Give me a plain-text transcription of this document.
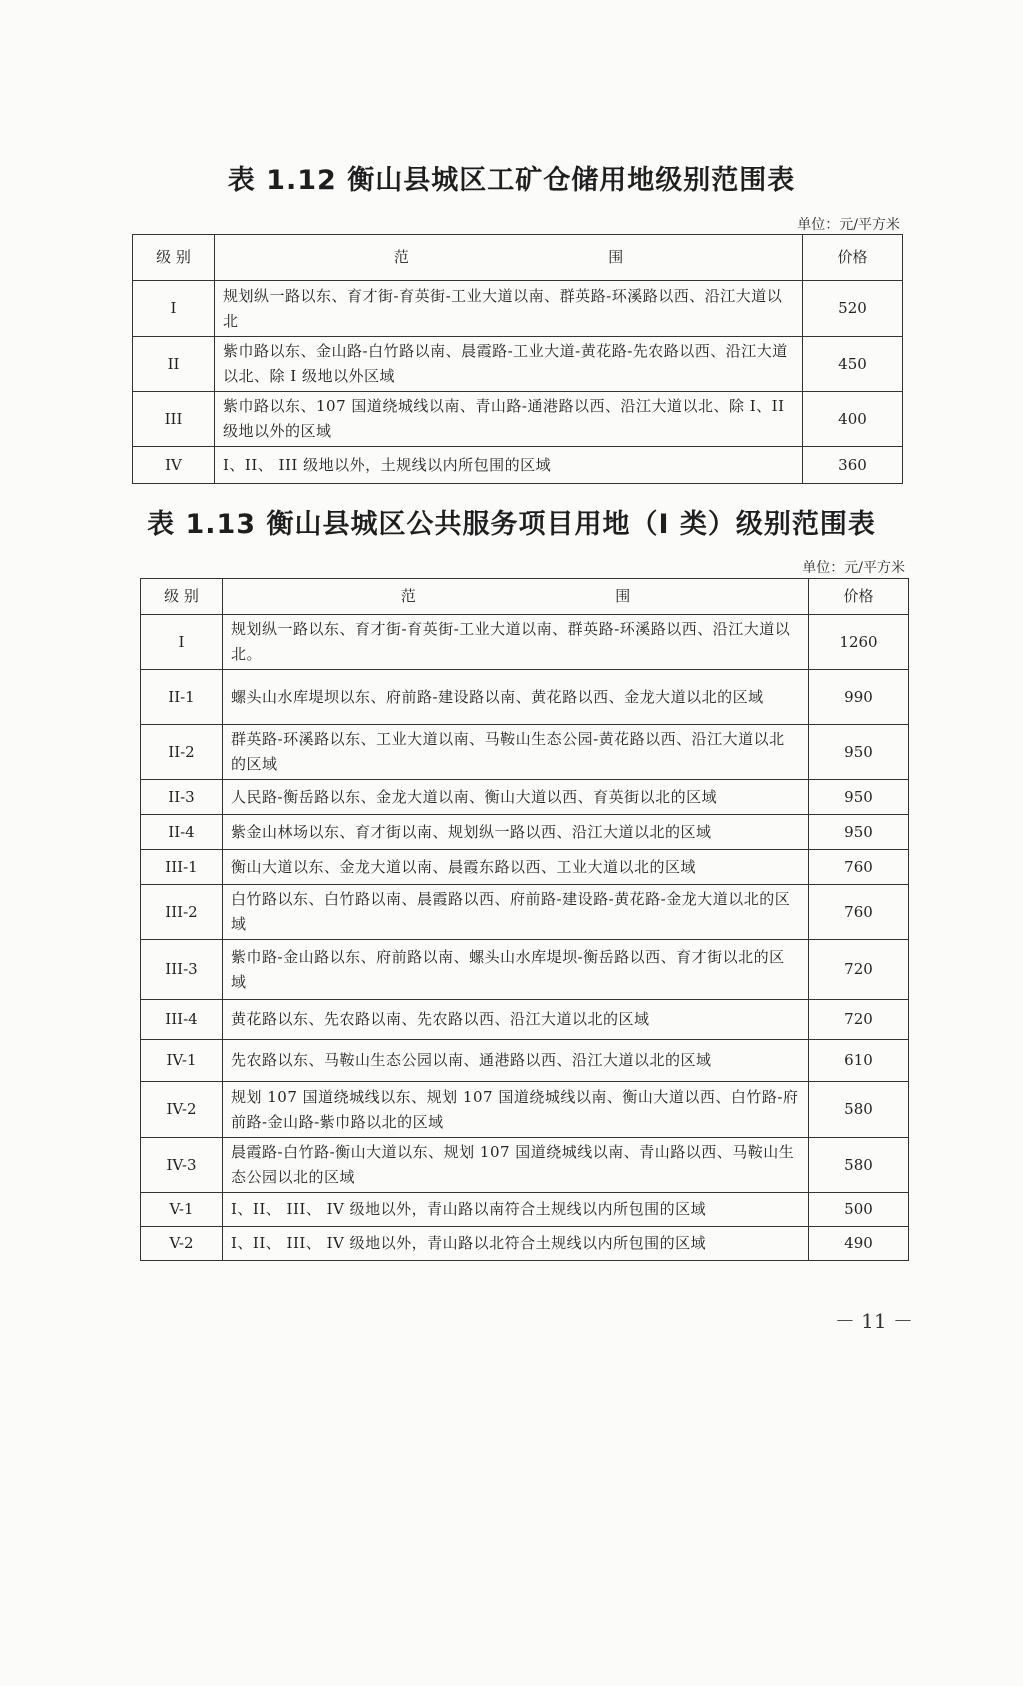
表 1.12 衡山县城区工矿仓储用地级别范围表
单位：元/平方米
级 别	范 围	价格
I	规划纵一路以东、育才街-育英街-工业大道以南、群英路-环溪路以西、沿江大道以北	520
II	紫巾路以东、金山路-白竹路以南、晨霞路-工业大道-黄花路-先农路以西、沿江大道以北、除 I 级地以外区域	450
III	紫巾路以东、107 国道绕城线以南、青山路-通港路以西、沿江大道以北、除 I、II 级地以外的区域	400
IV	I、II、 III 级地以外，土规线以内所包围的区域	360
表 1.13 衡山县城区公共服务项目用地（I 类）级别范围表
单位：元/平方米
级 别	范 围	价格
I	规划纵一路以东、育才街-育英街-工业大道以南、群英路-环溪路以西、沿江大道以北。	1260
II-1	螺头山水库堤坝以东、府前路-建设路以南、黄花路以西、金龙大道以北的区域	990
II-2	群英路-环溪路以东、工业大道以南、马鞍山生态公园-黄花路以西、沿江大道以北的区域	950
II-3	人民路-衡岳路以东、金龙大道以南、衡山大道以西、育英街以北的区域	950
II-4	紫金山林场以东、育才街以南、规划纵一路以西、沿江大道以北的区域	950
III-1	衡山大道以东、金龙大道以南、晨霞东路以西、工业大道以北的区域	760
III-2	白竹路以东、白竹路以南、晨霞路以西、府前路-建设路-黄花路-金龙大道以北的区域	760
III-3	紫巾路-金山路以东、府前路以南、螺头山水库堤坝-衡岳路以西、育才街以北的区域	720
III-4	黄花路以东、先农路以南、先农路以西、沿江大道以北的区域	720
IV-1	先农路以东、马鞍山生态公园以南、通港路以西、沿江大道以北的区域	610
IV-2	规划 107 国道绕城线以东、规划 107 国道绕城线以南、衡山大道以西、白竹路-府前路-金山路-紫巾路以北的区域	580
IV-3	晨霞路-白竹路-衡山大道以东、规划 107 国道绕城线以南、青山路以西、马鞍山生态公园以北的区域	580
V-1	I、II、 III、 IV 级地以外，青山路以南符合土规线以内所包围的区域	500
V-2	I、II、 III、 IV 级地以外，青山路以北符合土规线以内所包围的区域	490
－ 11 －
